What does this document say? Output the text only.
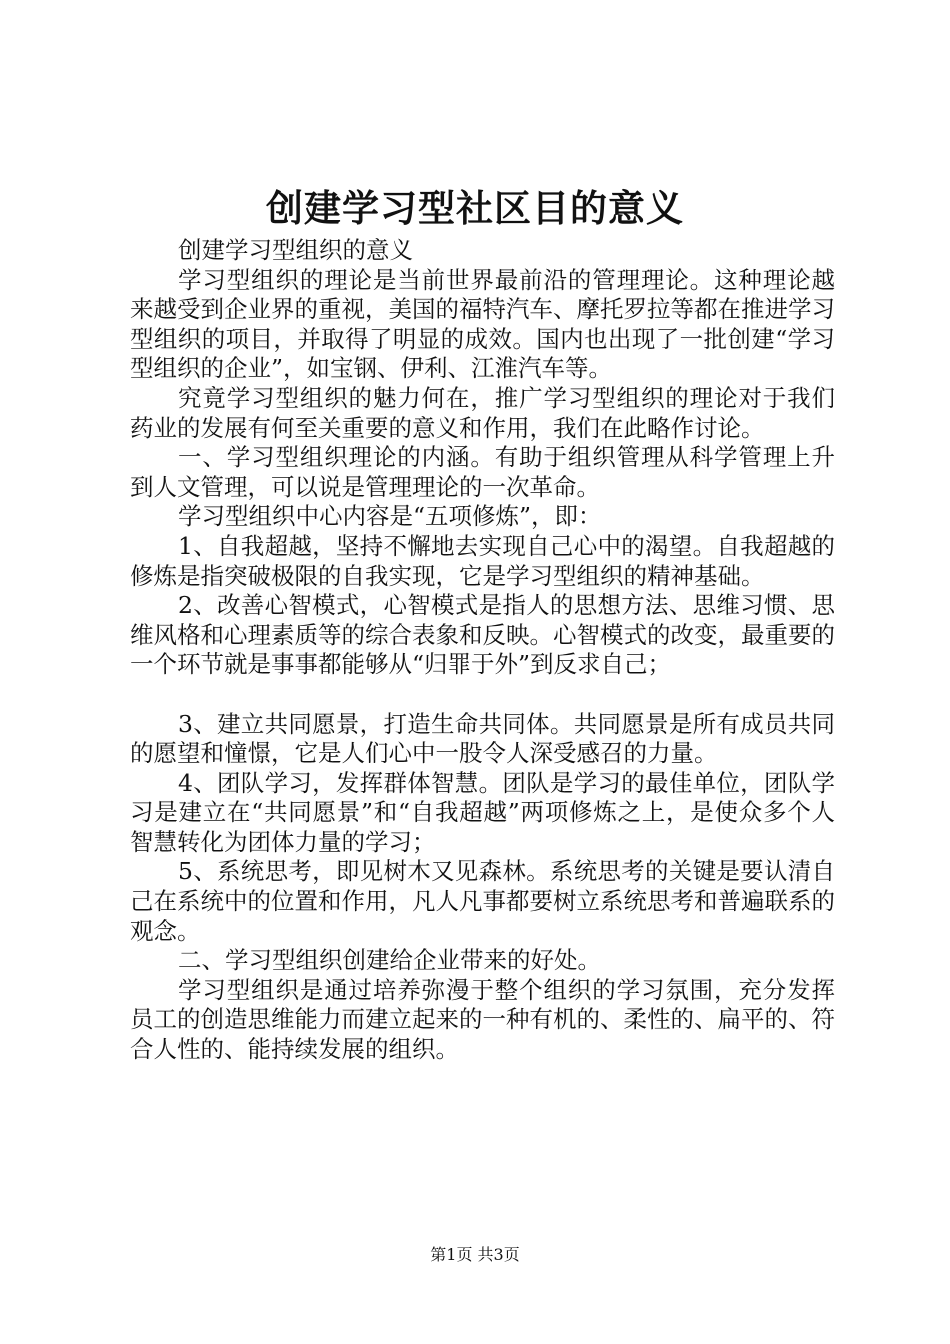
创建学习型社区目的意义

创建学习型组织的意义

学习型组织的理论是当前世界最前沿的管理理论。这种理论越来越受到企业界的重视，美国的福特汽车、摩托罗拉等都在推进学习型组织的项目，并取得了明显的成效。国内也出现了一批创建“学习型组织的企业”，如宝钢、伊利、江淮汽车等。

究竟学习型组织的魅力何在，推广学习型组织的理论对于我们药业的发展有何至关重要的意义和作用，我们在此略作讨论。

一、学习型组织理论的内涵。有助于组织管理从科学管理上升到人文管理，可以说是管理理论的一次革命。

学习型组织中心内容是“五项修炼”，即：

1、自我超越，坚持不懈地去实现自己心中的渴望。自我超越的修炼是指突破极限的自我实现，它是学习型组织的精神基础。

2、改善心智模式，心智模式是指人的思想方法、思维习惯、思维风格和心理素质等的综合表象和反映。心智模式的改变，最重要的一个环节就是事事都能够从“归罪于外”到反求自己；

3、建立共同愿景，打造生命共同体。共同愿景是所有成员共同的愿望和憧憬，它是人们心中一股令人深受感召的力量。

4、团队学习，发挥群体智慧。团队是学习的最佳单位，团队学习是建立在“共同愿景”和“自我超越”两项修炼之上，是使众多个人智慧转化为团体力量的学习；

5、系统思考，即见树木又见森林。系统思考的关键是要认清自己在系统中的位置和作用，凡人凡事都要树立系统思考和普遍联系的观念。

二、学习型组织创建给企业带来的好处。

学习型组织是通过培养弥漫于整个组织的学习氛围，充分发挥员工的创造思维能力而建立起来的一种有机的、柔性的、扁平的、符合人性的、能持续发展的组织。

第1页 共3页
